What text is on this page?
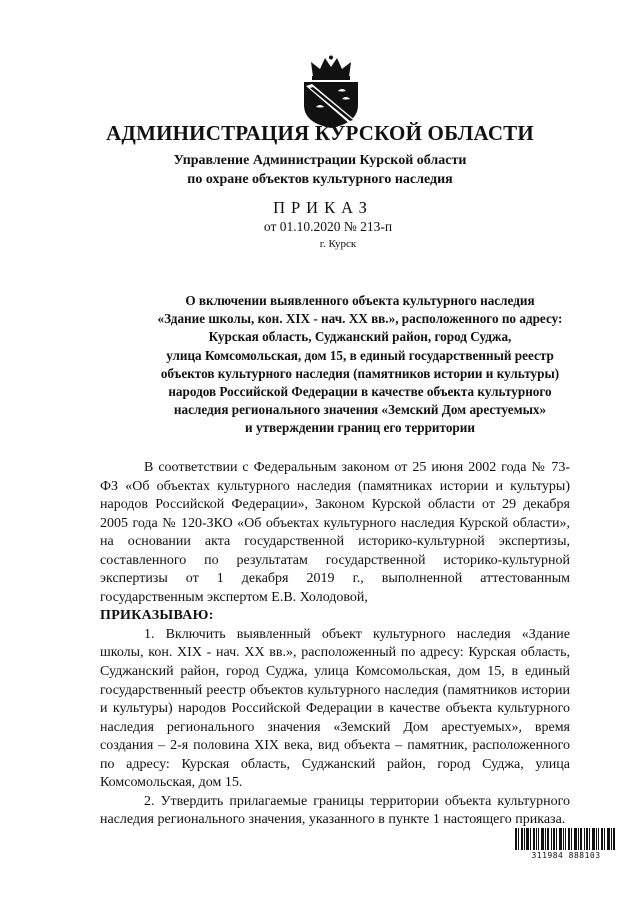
АДМИНИСТРАЦИЯ КУРСКОЙ ОБЛАСТИ
Управление Администрации Курской области
по охране объектов культурного наследия
ПРИКАЗ
от 01.10.2020 № 213-п
г. Курск
О включении выявленного объекта культурного наследия
«Здание школы, кон. XIX - нач. XX вв.», расположенного по адресу:
Курская область, Суджанский район, город Суджа,
улица Комсомольская, дом 15, в единый государственный реестр
объектов культурного наследия (памятников истории и культуры)
народов Российской Федерации в качестве объекта культурного
наследия регионального значения «Земский Дом арестуемых»
и утверждении границ его территории

В соответствии с Федеральным законом от 25 июня 2002 года № 73-ФЗ «Об объектах культурного наследия (памятниках истории и культуры) народов Российской Федерации», Законом Курской области от 29 декабря 2005 года № 120-ЗКО «Об объектах культурного наследия Курской области», на основании акта государственной историко-культурной экспертизы, составленного по результатам государственной историко-культурной экспертизы от 1 декабря 2019 г., выполненной аттестованным государственным экспертом Е.В. Холодовой,

ПРИКАЗЫВАЮ:

1. Включить выявленный объект культурного наследия «Здание школы, кон. XIX - нач. XX вв.», расположенный по адресу: Курская область, Суджанский район, город Суджа, улица Комсомольская, дом 15, в единый государственный реестр объектов культурного наследия (памятников истории и культуры) народов Российской Федерации в качестве объекта культурного наследия регионального значения «Земский Дом арестуемых», время создания – 2-я половина XIX века, вид объекта – памятник, расположенного по адресу: Курская область, Суджанский район, город Суджа, улица Комсомольская, дом 15.

2. Утвердить прилагаемые границы территории объекта культурного наследия регионального значения, указанного в пункте 1 настоящего приказа.

311984 888103
